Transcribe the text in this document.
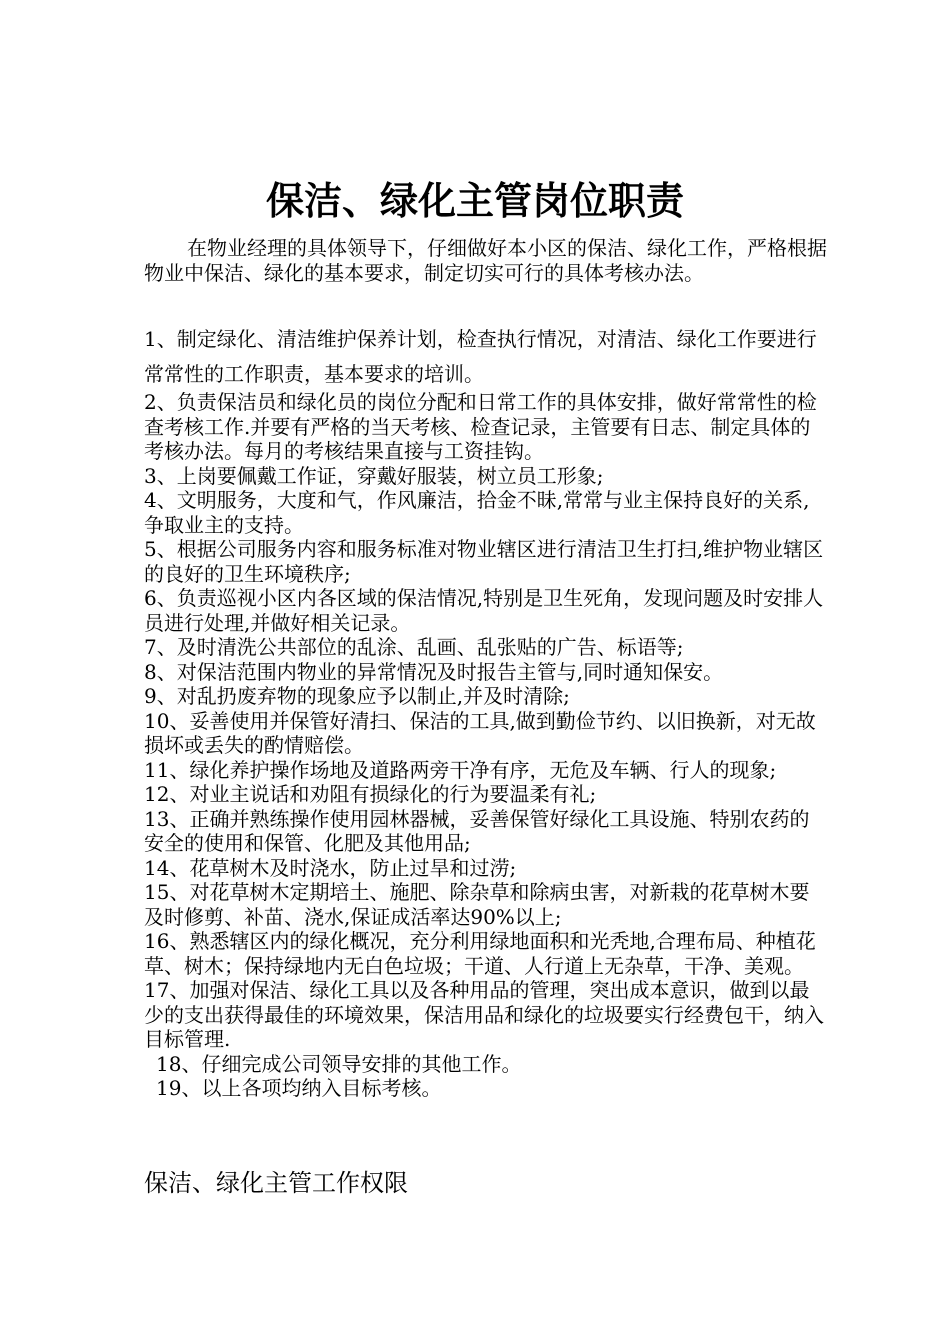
保洁、绿化主管岗位职责

在物业经理的具体领导下，仔细做好本小区的保洁、绿化工作，严格根据物业中保洁、绿化的基本要求，制定切实可行的具体考核办法。

1、制定绿化、清洁维护保养计划，检查执行情况，对清洁、绿化工作要进行常常性的工作职责，基本要求的培训。

2、负责保洁员和绿化员的岗位分配和日常工作的具体安排，做好常常性的检查考核工作.并要有严格的当天考核、检查记录，主管要有日志、制定具体的考核办法。每月的考核结果直接与工资挂钩。

3、上岗要佩戴工作证，穿戴好服装，树立员工形象;

4、文明服务，大度和气，作风廉洁，拾金不昧,常常与业主保持良好的关系,争取业主的支持。

5、根据公司服务内容和服务标准对物业辖区进行清洁卫生打扫,维护物业辖区的良好的卫生环境秩序;

6、负责巡视小区内各区域的保洁情况,特别是卫生死角，发现问题及时安排人员进行处理,并做好相关记录。

7、及时清洗公共部位的乱涂、乱画、乱张贴的广告、标语等;

8、对保洁范围内物业的异常情况及时报告主管与,同时通知保安。

9、对乱扔废弃物的现象应予以制止,并及时清除;

10、妥善使用并保管好清扫、保洁的工具,做到勤俭节约、以旧换新，对无故损坏或丢失的酌情赔偿。

11、绿化养护操作场地及道路两旁干净有序，无危及车辆、行人的现象;

12、对业主说话和劝阻有损绿化的行为要温柔有礼;

13、正确并熟练操作使用园林器械，妥善保管好绿化工具设施、特别农药的安全的使用和保管、化肥及其他用品;

14、花草树木及时浇水，防止过旱和过涝;

15、对花草树木定期培土、施肥、除杂草和除病虫害，对新栽的花草树木要及时修剪、补苗、浇水,保证成活率达90%以上;

16、熟悉辖区内的绿化概况，充分利用绿地面积和光秃地,合理布局、种植花草、树木；保持绿地内无白色垃圾；干道、人行道上无杂草，干净、美观。

17、加强对保洁、绿化工具以及各种用品的管理，突出成本意识，做到以最少的支出获得最佳的环境效果，保洁用品和绿化的垃圾要实行经费包干，纳入目标管理.

18、仔细完成公司领导安排的其他工作。

19、以上各项均纳入目标考核。

保洁、绿化主管工作权限
